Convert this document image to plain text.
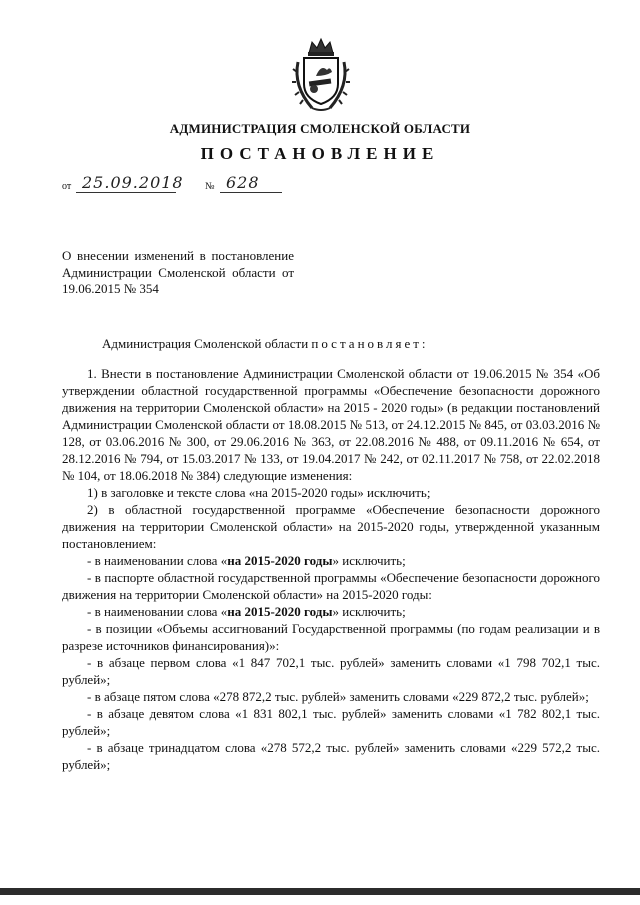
АДМИНИСТРАЦИЯ СМОЛЕНСКОЙ ОБЛАСТИ
ПОСТАНОВЛЕНИЕ
от 25.09.2018 № 628
О внесении изменений в постановление Администрации Смоленской области от 19.06.2015 № 354

Администрация Смоленской области постановляет:

1. Внести в постановление Администрации Смоленской области от 19.06.2015 № 354 «Об утверждении областной государственной программы «Обеспечение безопасности дорожного движения на территории Смоленской области» на 2015 - 2020 годы» (в редакции постановлений Администрации Смоленской области от 18.08.2015 № 513, от 24.12.2015 № 845, от 03.03.2016 № 128, от 03.06.2016 № 300, от 29.06.2016 № 363, от 22.08.2016 № 488, от 09.11.2016 № 654, от 28.12.2016 № 794, от 15.03.2017 № 133, от 19.04.2017 № 242, от 02.11.2017 № 758, от 22.02.2018 № 104, от 18.06.2018 № 384) следующие изменения:

1) в заголовке и тексте слова «на 2015-2020 годы» исключить;

2) в областной государственной программе «Обеспечение безопасности дорожного движения на территории Смоленской области» на 2015-2020 годы, утвержденной указанным постановлением:

- в наименовании слова «на 2015-2020 годы» исключить;

- в паспорте областной государственной программы «Обеспечение безопасности дорожного движения на территории Смоленской области» на 2015-2020 годы:

- в наименовании слова «на 2015-2020 годы» исключить;

- в позиции «Объемы ассигнований Государственной программы (по годам реализации и в разрезе источников финансирования)»:

- в абзаце первом слова «1 847 702,1 тыс. рублей» заменить словами «1 798 702,1 тыс. рублей»;

- в абзаце пятом слова «278 872,2 тыс. рублей» заменить словами «229 872,2 тыс. рублей»;

- в абзаце девятом слова «1 831 802,1 тыс. рублей» заменить словами «1 782 802,1 тыс. рублей»;

- в абзаце тринадцатом слова «278 572,2 тыс. рублей» заменить словами «229 572,2 тыс. рублей»;
